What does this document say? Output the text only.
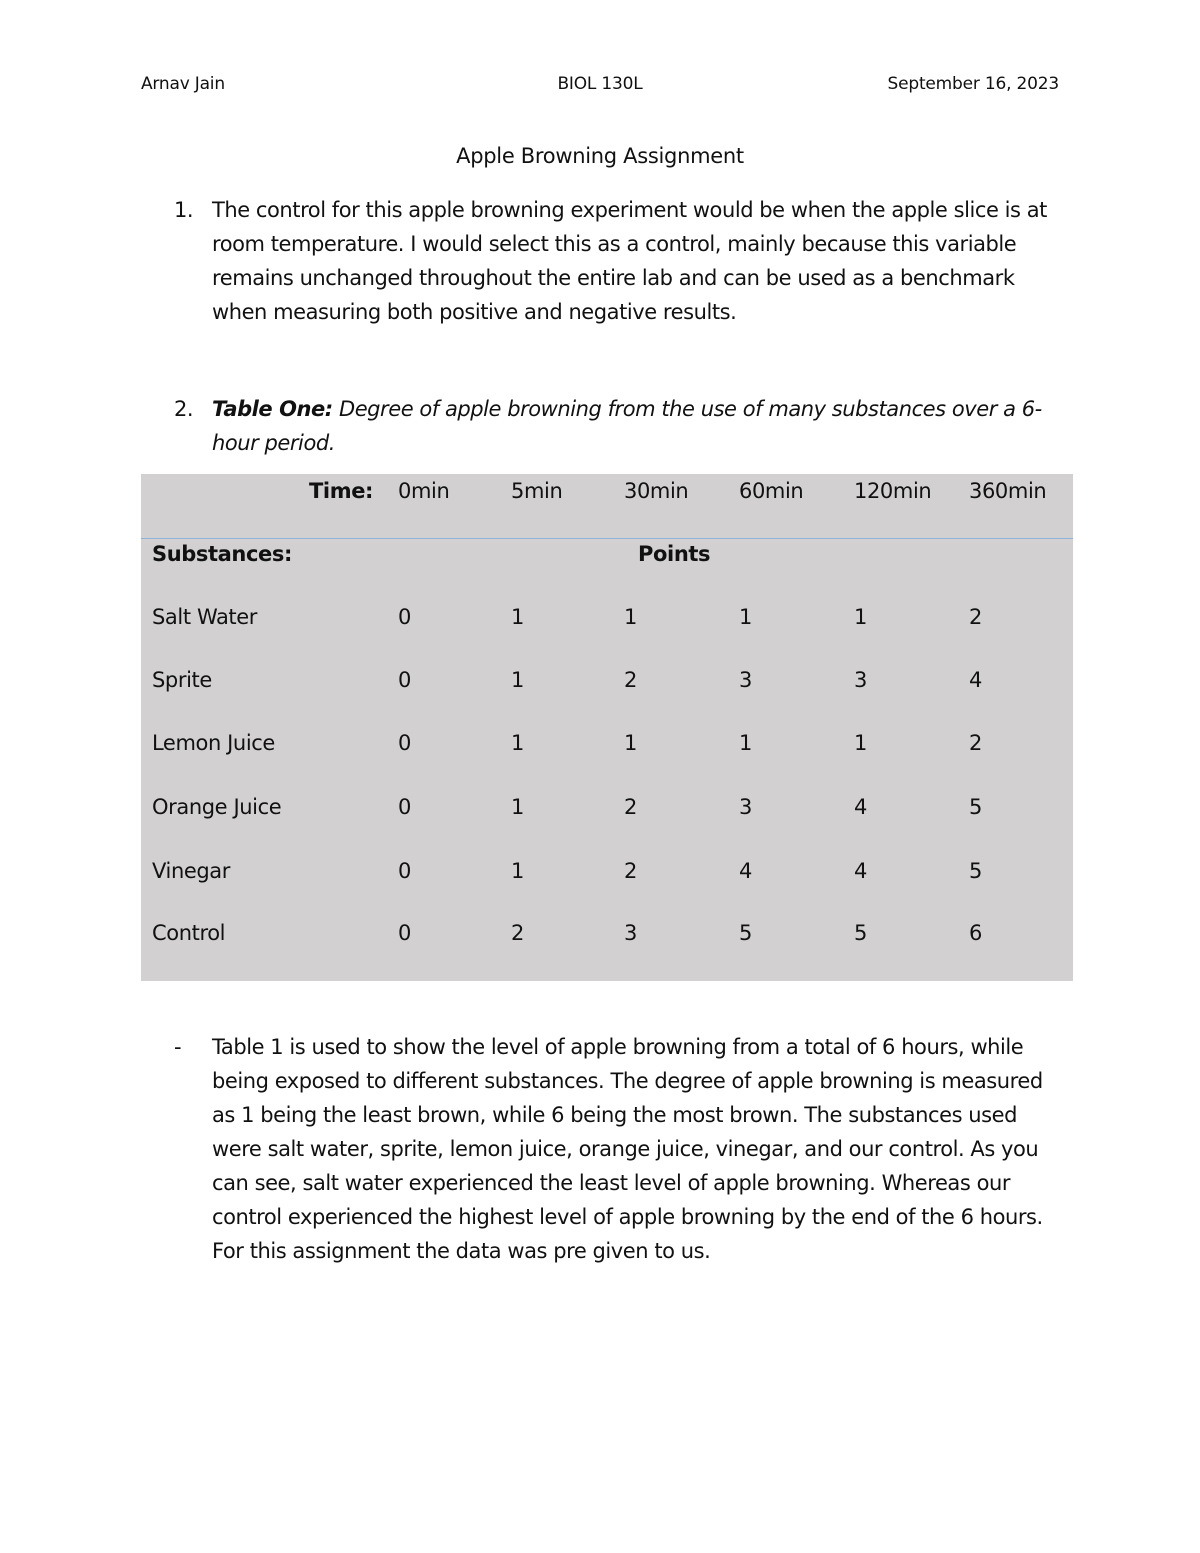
Arnav Jain	BIOL 130L	September 16, 2023
Apple Browning Assignment
1. The control for this apple browning experiment would be when the apple slice is at room temperature. I would select this as a control, mainly because this variable remains unchanged throughout the entire lab and can be used as a benchmark when measuring both positive and negative results.
2. Table One: Degree of apple browning from the use of many substances over a 6-hour period.
Time: 0min	5min	30min 60min 120min 360min
Substances:	Points
Salt Water	0	1	1	1	1	2
Sprite	0	1	2	3	3	4
Lemon Juice	0	1	1	1	1	2
Orange Juice	0	1	2	3	4	5
Vinegar	0	1	2	4	4	5
Control	0	2	3	5	5	6
- Table 1 is used to show the level of apple browning from a total of 6 hours, while being exposed to different substances. The degree of apple browning is measured as 1 being the least brown, while 6 being the most brown. The substances used were salt water, sprite, lemon juice, orange juice, vinegar, and our control. As you can see, salt water experienced the least level of apple browning. Whereas our control experienced the highest level of apple browning by the end of the 6 hours. For this assignment the data was pre given to us.
